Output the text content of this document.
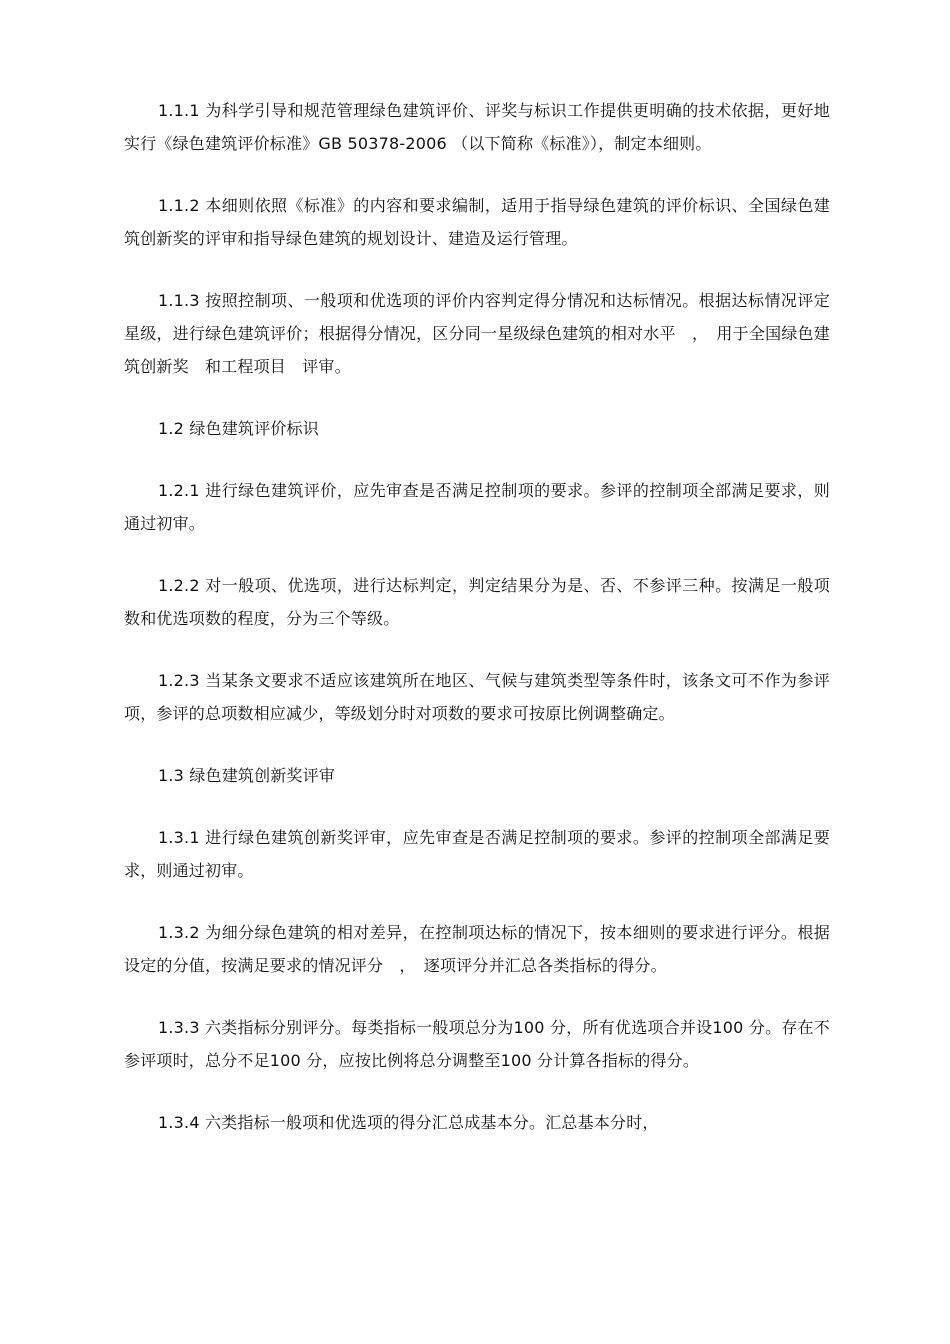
1.1.1 为科学引导和规范管理绿色建筑评价、评奖与标识工作提供更明确的技术依据，更好地实行《绿色建筑评价标准》GB 50378-2006 （以下简称《标准》），制定本细则。

1.1.2 本细则依照《标准》的内容和要求编制，适用于指导绿色建筑的评价标识、全国绿色建筑创新奖的评审和指导绿色建筑的规划设计、建造及运行管理。

1.1.3 按照控制项、一般项和优选项的评价内容判定得分情况和达标情况。根据达标情况评定星级，进行绿色建筑评价；根据得分情况，区分同一星级绿色建筑的相对水平　，　用于全国绿色建筑创新奖　和工程项目　评审。

1.2 绿色建筑评价标识

1.2.1 进行绿色建筑评价，应先审查是否满足控制项的要求。参评的控制项全部满足要求，则通过初审。

1.2.2 对一般项、优选项，进行达标判定，判定结果分为是、否、不参评三种。按满足一般项数和优选项数的程度，分为三个等级。

1.2.3 当某条文要求不适应该建筑所在地区、气候与建筑类型等条件时，该条文可不作为参评项，参评的总项数相应减少，等级划分时对项数的要求可按原比例调整确定。

1.3 绿色建筑创新奖评审

1.3.1 进行绿色建筑创新奖评审，应先审查是否满足控制项的要求。参评的控制项全部满足要求，则通过初审。

1.3.2 为细分绿色建筑的相对差异，在控制项达标的情况下，按本细则的要求进行评分。根据设定的分值，按满足要求的情况评分　，　逐项评分并汇总各类指标的得分。

1.3.3 六类指标分别评分。每类指标一般项总分为100 分，所有优选项合并设100 分。存在不参评项时，总分不足100 分，应按比例将总分调整至100 分计算各指标的得分。

1.3.4 六类指标一般项和优选项的得分汇总成基本分。汇总基本分时，
